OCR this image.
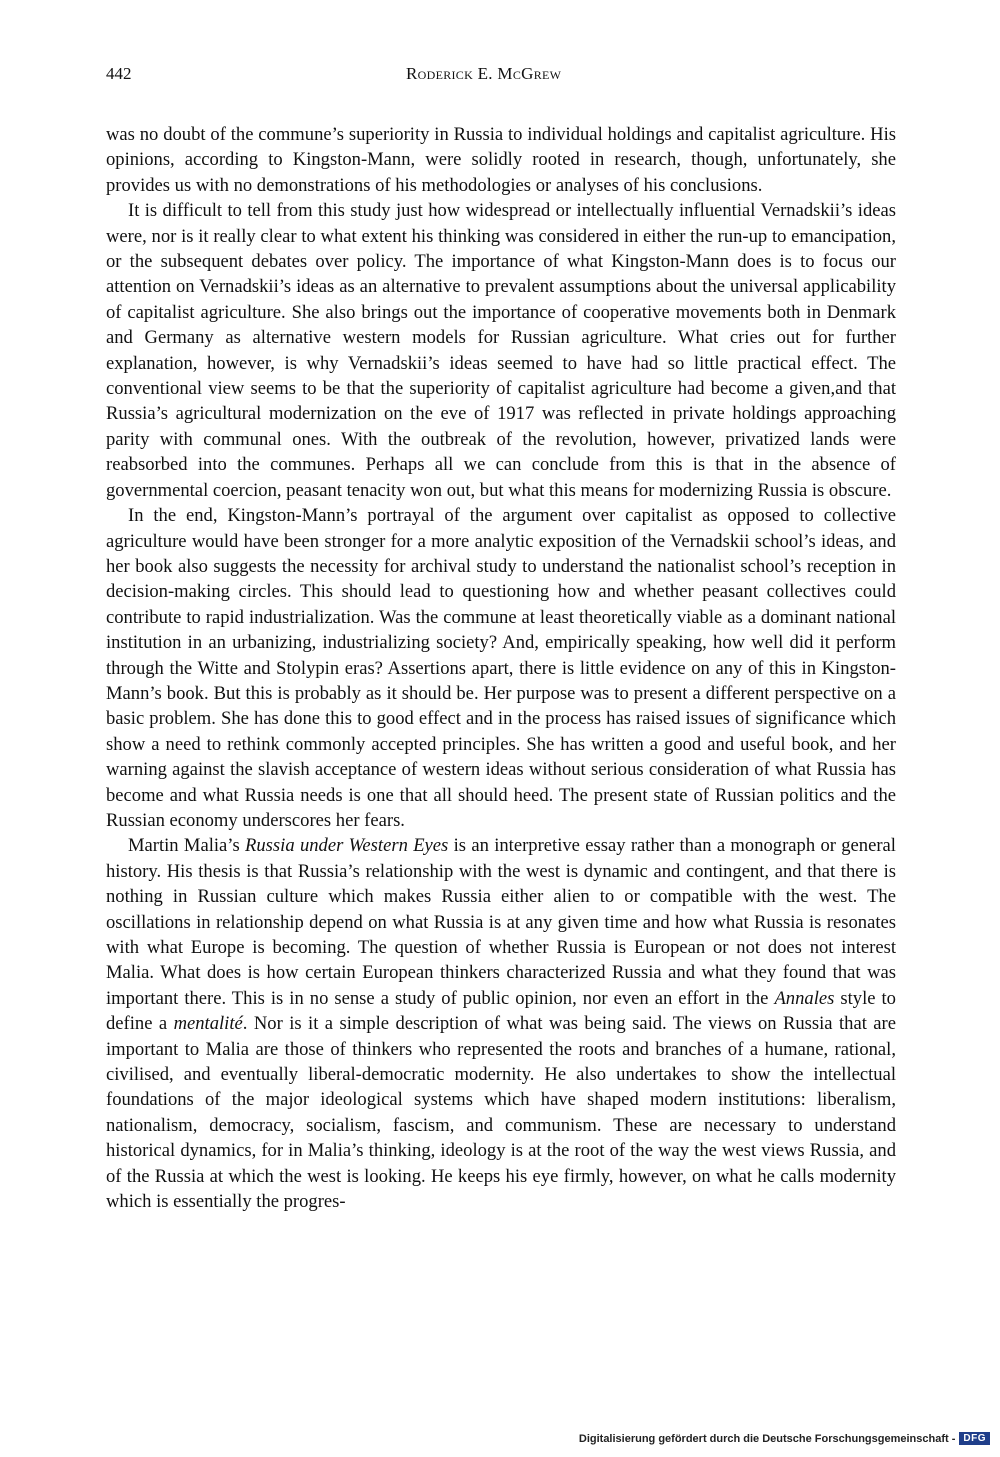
442	Roderick E. McGrew

was no doubt of the commune’s superiority in Russia to individual holdings and capitalist agriculture. His opinions, according to Kingston-Mann, were solidly rooted in research, though, unfortunately, she provides us with no demonstrations of his methodologies or analyses of his conclusions.

It is difficult to tell from this study just how widespread or intellectually influential Vernadskii’s ideas were, nor is it really clear to what extent his thinking was considered in either the run-up to emancipation, or the subsequent debates over policy. The importance of what Kingston-Mann does is to focus our attention on Vernadskii’s ideas as an alternative to prevalent assumptions about the universal applicability of capitalist agriculture. She also brings out the importance of cooperative movements both in Denmark and Germany as alternative western models for Russian agriculture. What cries out for further explanation, however, is why Vernadskii’s ideas seemed to have had so little practical effect. The conventional view seems to be that the superiority of capitalist agriculture had become a given,and that Russia’s agricultural modernization on the eve of 1917 was reflected in private holdings approaching parity with communal ones. With the outbreak of the revolution, however, privatized lands were reabsorbed into the communes. Perhaps all we can conclude from this is that in the absence of governmental coercion, peasant tenacity won out, but what this means for modernizing Russia is obscure.

In the end, Kingston-Mann’s portrayal of the argument over capitalist as opposed to collective agriculture would have been stronger for a more analytic exposition of the Vernadskii school’s ideas, and her book also suggests the necessity for archival study to understand the nationalist school’s reception in decision-making circles. This should lead to questioning how and whether peasant collectives could contribute to rapid industrialization. Was the commune at least theoretically viable as a dominant national institution in an urbanizing, industrializing society? And, empirically speaking, how well did it perform through the Witte and Stolypin eras? Assertions apart, there is little evidence on any of this in Kingston-Mann’s book. But this is probably as it should be. Her purpose was to present a different perspective on a basic problem. She has done this to good effect and in the process has raised issues of significance which show a need to rethink commonly accepted principles. She has written a good and useful book, and her warning against the slavish acceptance of western ideas without serious consideration of what Russia has become and what Russia needs is one that all should heed. The present state of Russian politics and the Russian economy underscores her fears.

Martin Malia’s Russia under Western Eyes is an interpretive essay rather than a monograph or general history. His thesis is that Russia’s relationship with the west is dynamic and contingent, and that there is nothing in Russian culture which makes Russia either alien to or compatible with the west. The oscillations in relationship depend on what Russia is at any given time and how what Russia is resonates with what Europe is becoming. The question of whether Russia is European or not does not interest Malia. What does is how certain European thinkers characterized Russia and what they found that was important there. This is in no sense a study of public opinion, nor even an effort in the Annales style to define a mentalité. Nor is it a simple description of what was being said. The views on Russia that are important to Malia are those of thinkers who represented the roots and branches of a humane, rational, civilised, and eventually liberal-democratic modernity. He also undertakes to show the intellectual foundations of the major ideological systems which have shaped modern institutions: liberalism, nationalism, democracy, socialism, fascism, and communism. These are necessary to understand historical dynamics, for in Malia’s thinking, ideology is at the root of the way the west views Russia, and of the Russia at which the west is looking. He keeps his eye firmly, however, on what he calls modernity which is essentially the progres-

Digitalisierung gefördert durch die Deutsche Forschungsgemeinschaft - DFG
